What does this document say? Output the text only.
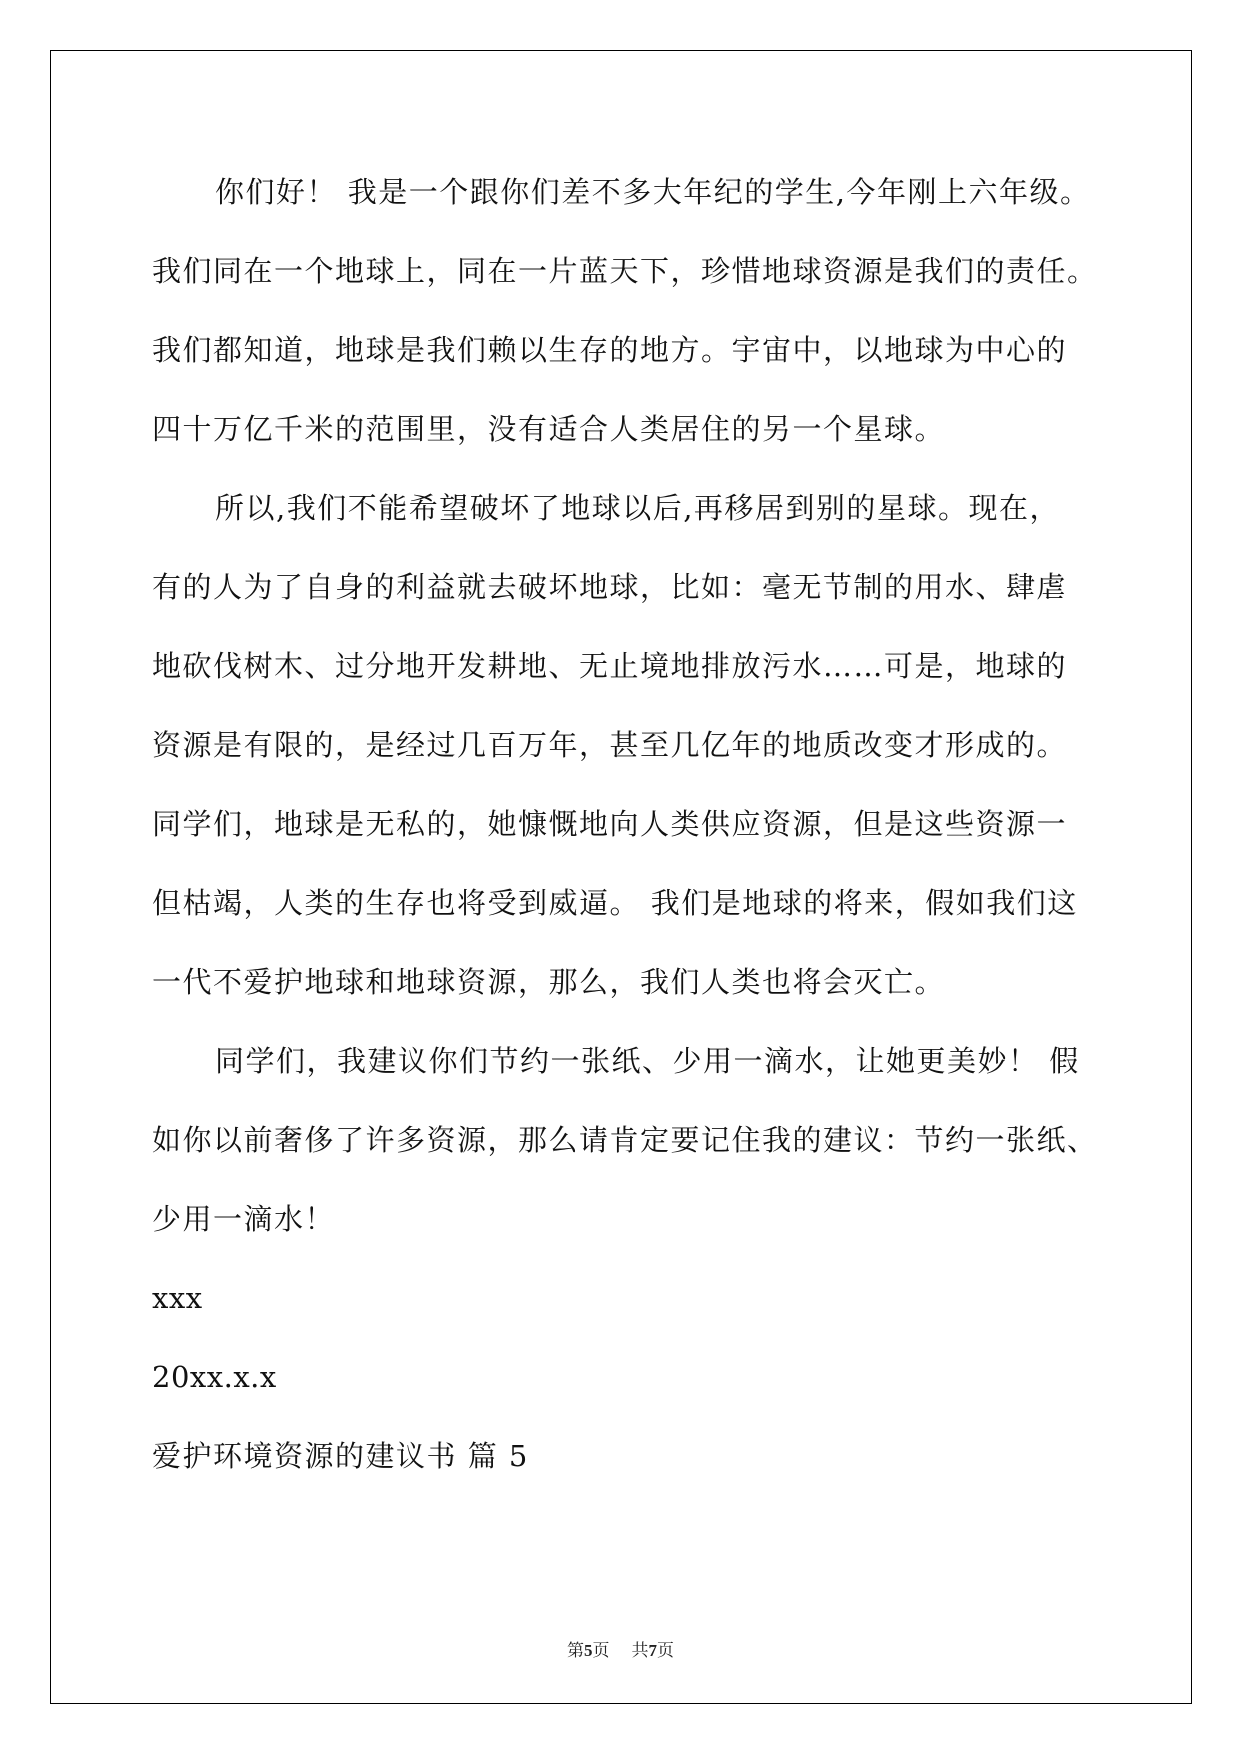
你们好！ 我是一个跟你们差不多大年纪的学生,今年刚上六年级。
我们同在一个地球上，同在一片蓝天下，珍惜地球资源是我们的责任。
我们都知道，地球是我们赖以生存的地方。宇宙中，以地球为中心的
四十万亿千米的范围里，没有适合人类居住的另一个星球。
所以,我们不能希望破坏了地球以后,再移居到别的星球。现在，
有的人为了自身的利益就去破坏地球，比如：毫无节制的用水、肆虐
地砍伐树木、过分地开发耕地、无止境地排放污水……可是，地球的
资源是有限的，是经过几百万年，甚至几亿年的地质改变才形成的。
同学们，地球是无私的，她慷慨地向人类供应资源，但是这些资源一
但枯竭，人类的生存也将受到威逼。 我们是地球的将来，假如我们这
一代不爱护地球和地球资源，那么，我们人类也将会灭亡。
同学们，我建议你们节约一张纸、少用一滴水，让她更美妙！ 假
如你以前奢侈了许多资源，那么请肯定要记住我的建议：节约一张纸、
少用一滴水！
xxx
20xx.x.x
爱护环境资源的建议书 篇 5
第5页 共7页
